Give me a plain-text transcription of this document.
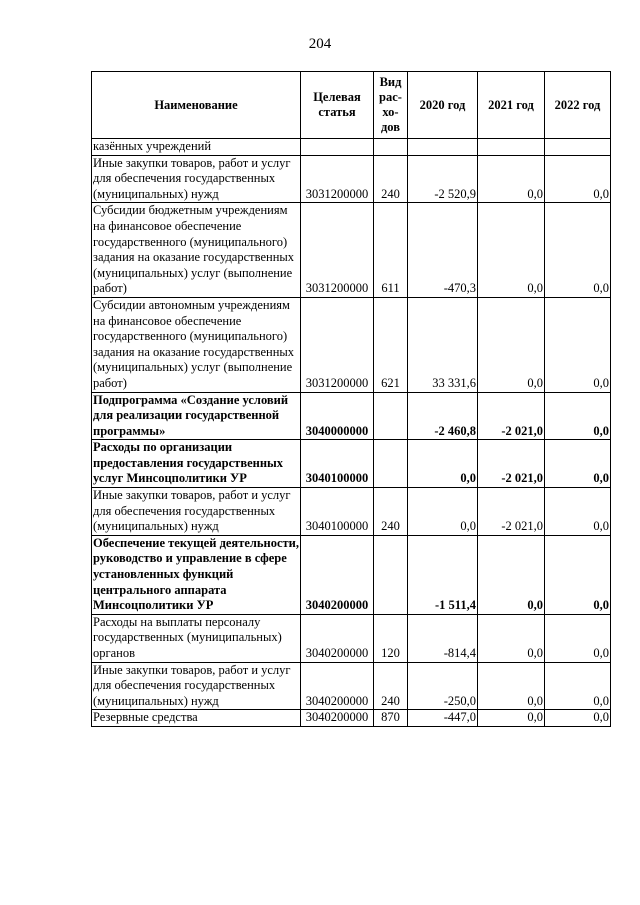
204
Наименование	Целевая статья	Вид рас-хо-дов	2020 год	2021 год	2022 год
казённых учреждений					
Иные закупки товаров, работ и услуг для обеспечения государственных (муниципальных) нужд	3031200000	240	-2 520,9	0,0	0,0
Субсидии бюджетным учреждениям на финансовое обеспечение государственного (муниципального) задания на оказание государственных (муниципальных) услуг (выполнение работ)	3031200000	611	-470,3	0,0	0,0
Субсидии автономным учреждениям на финансовое обеспечение государственного (муниципального) задания на оказание государственных (муниципальных) услуг (выполнение работ)	3031200000	621	33 331,6	0,0	0,0
Подпрограмма «Создание условий для реализации государственной программы»	3040000000		-2 460,8	-2 021,0	0,0
Расходы по организации предоставления государственных услуг Минсоцполитики УР	3040100000		0,0	-2 021,0	0,0
Иные закупки товаров, работ и услуг для обеспечения государственных (муниципальных) нужд	3040100000	240	0,0	-2 021,0	0,0
Обеспечение текущей деятельности, руководство и управление в сфере установленных функций центрального аппарата Минсоцполитики УР	3040200000		-1 511,4	0,0	0,0
Расходы на выплаты персоналу государственных (муниципальных) органов	3040200000	120	-814,4	0,0	0,0
Иные закупки товаров, работ и услуг для обеспечения государственных (муниципальных) нужд	3040200000	240	-250,0	0,0	0,0
Резервные средства	3040200000	870	-447,0	0,0	0,0
